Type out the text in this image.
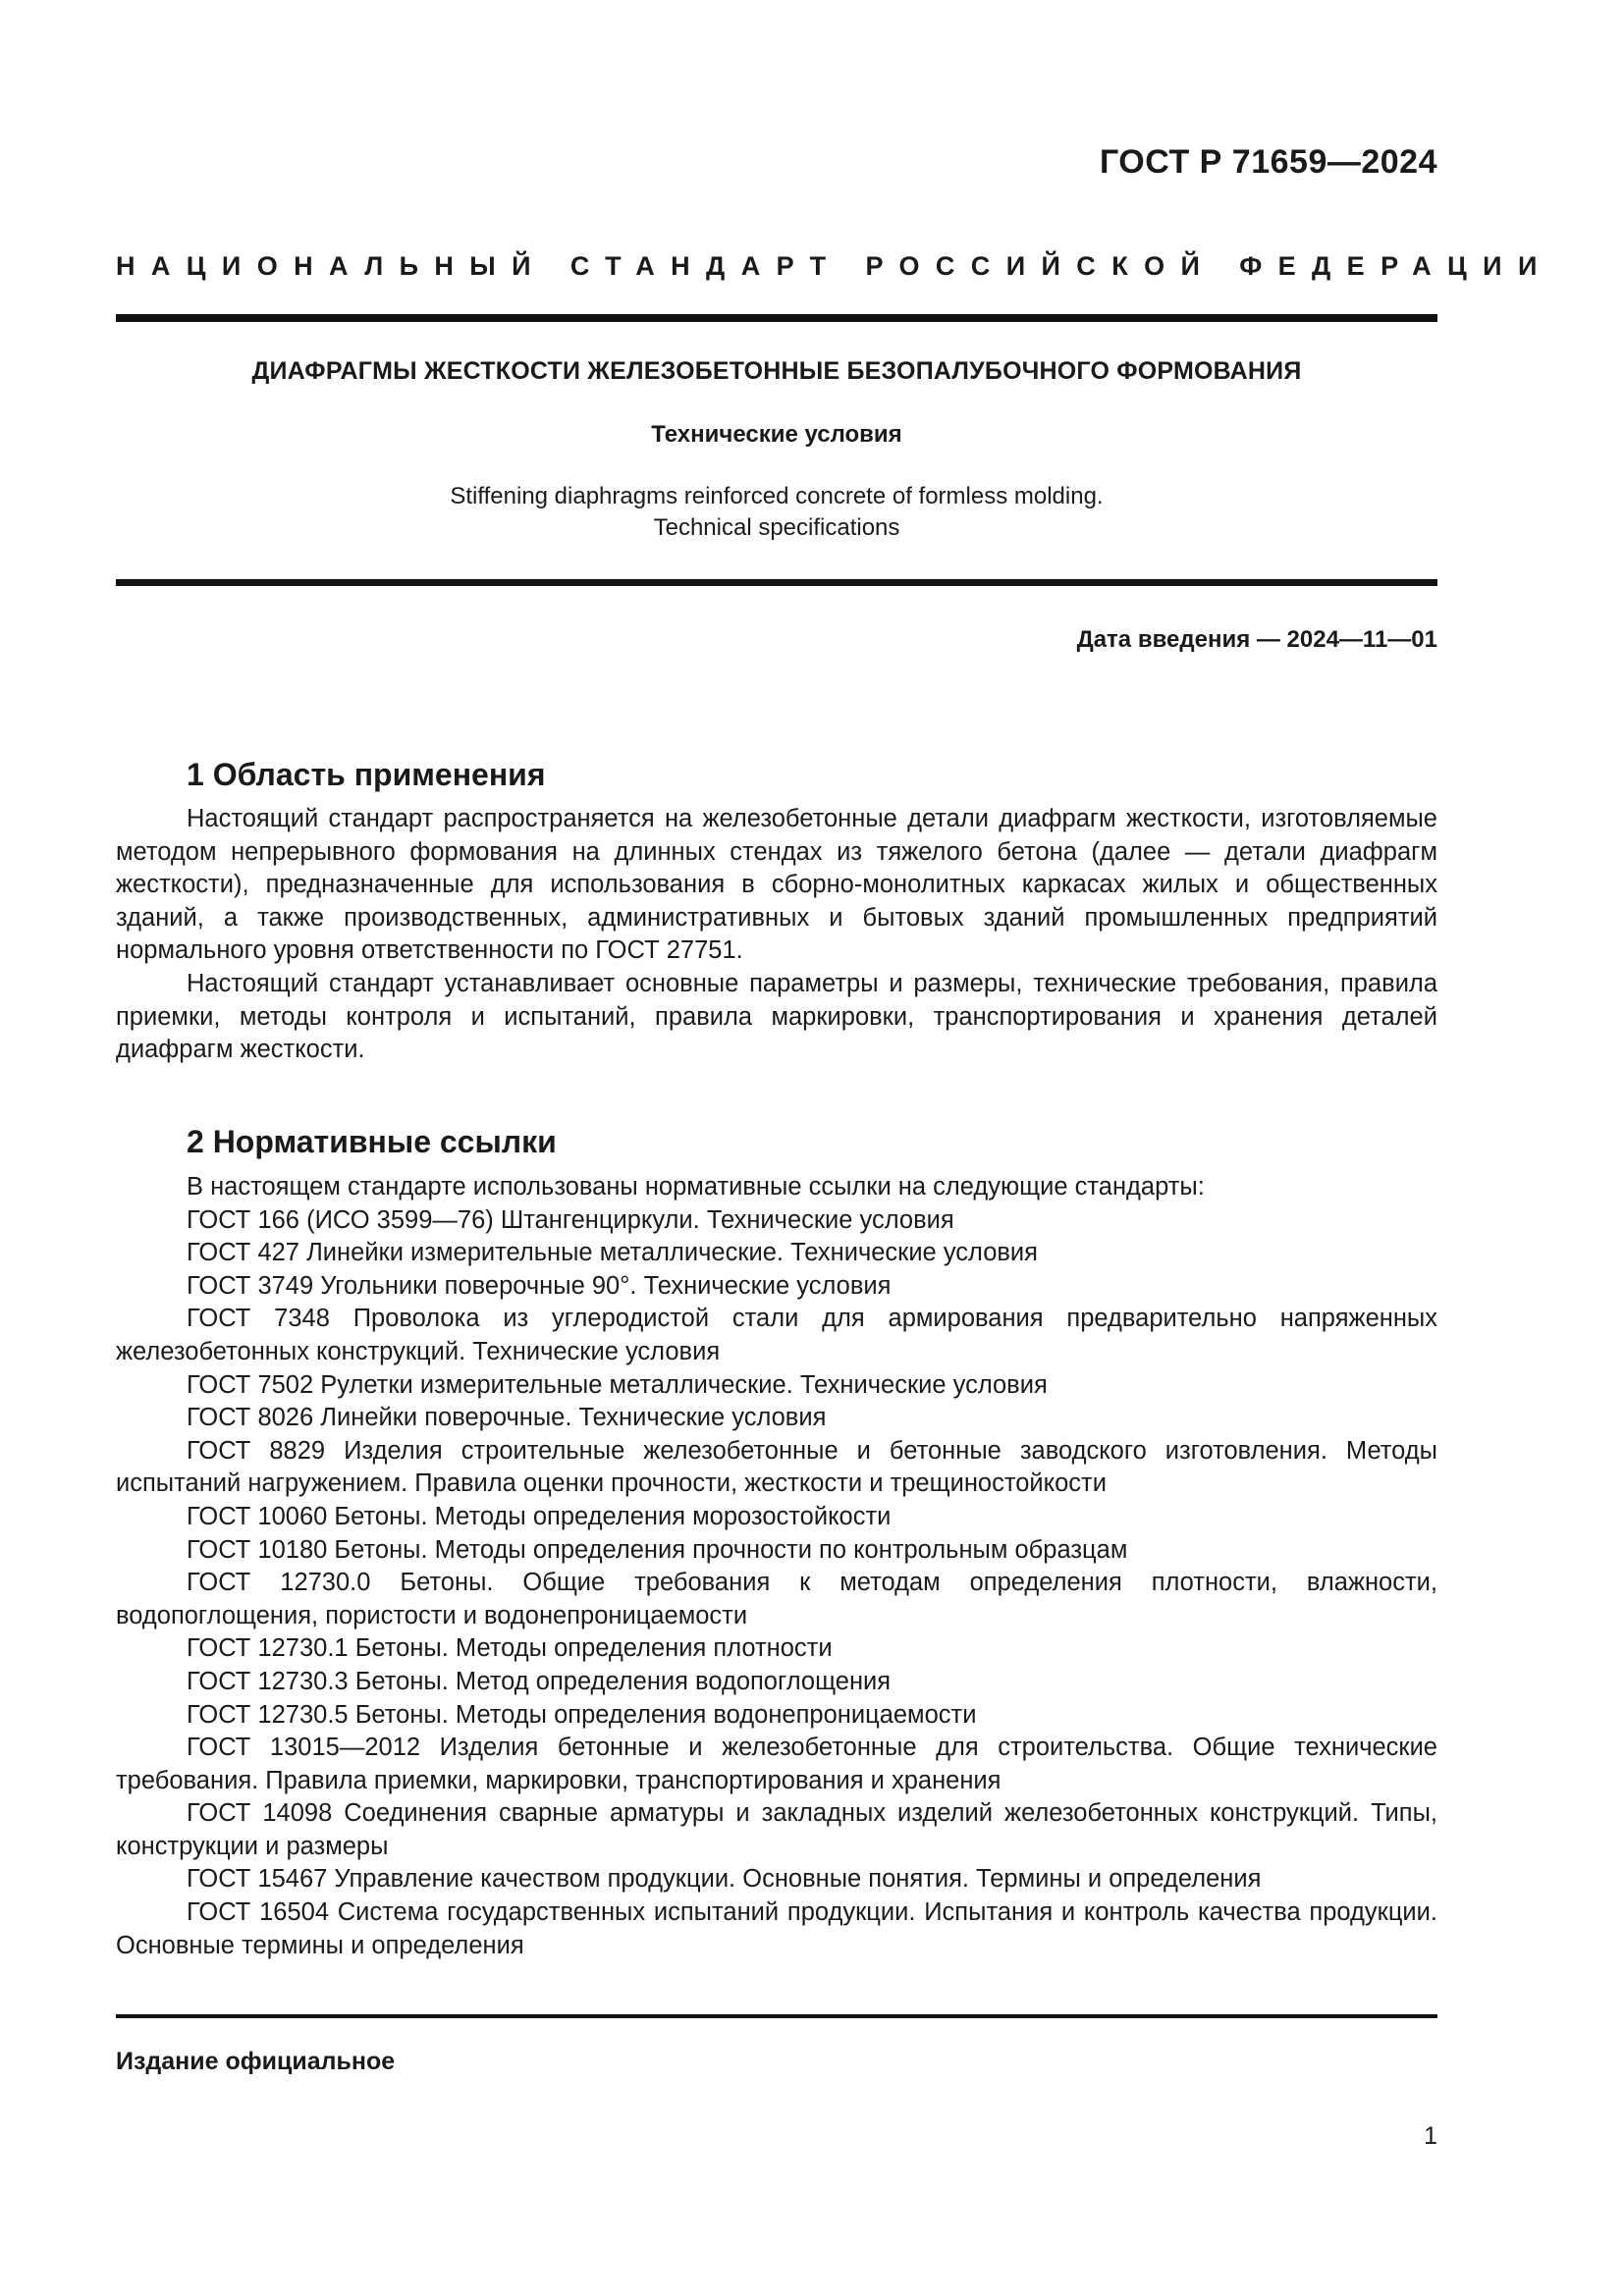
ГОСТ Р 71659—2024
НАЦИОНАЛЬНЫЙ СТАНДАРТ РОССИЙСКОЙ ФЕДЕРАЦИИ
ДИАФРАГМЫ ЖЕСТКОСТИ ЖЕЛЕЗОБЕТОННЫЕ БЕЗОПАЛУБОЧНОГО ФОРМОВАНИЯ
Технические условия
Stiffening diaphragms reinforced concrete of formless molding.
Technical specifications
Дата введения — 2024—11—01
1 Область применения

Настоящий стандарт распространяется на железобетонные детали диафрагм жесткости, изготовляемые методом непрерывного формования на длинных стендах из тяжелого бетона (далее — детали диафрагм жесткости), предназначенные для использования в сборно-монолитных каркасах жилых и общественных зданий, а также производственных, административных и бытовых зданий промышленных предприятий нормального уровня ответственности по ГОСТ 27751.

Настоящий стандарт устанавливает основные параметры и размеры, технические требования, правила приемки, методы контроля и испытаний, правила маркировки, транспортирования и хранения деталей диафрагм жесткости.

2 Нормативные ссылки

В настоящем стандарте использованы нормативные ссылки на следующие стандарты:

ГОСТ 166 (ИСО 3599—76) Штангенциркули. Технические условия

ГОСТ 427 Линейки измерительные металлические. Технические условия

ГОСТ 3749 Угольники поверочные 90°. Технические условия

ГОСТ 7348 Проволока из углеродистой стали для армирования предварительно напряженных железобетонных конструкций. Технические условия

ГОСТ 7502 Рулетки измерительные металлические. Технические условия

ГОСТ 8026 Линейки поверочные. Технические условия

ГОСТ 8829 Изделия строительные железобетонные и бетонные заводского изготовления. Методы испытаний нагружением. Правила оценки прочности, жесткости и трещиностойкости

ГОСТ 10060 Бетоны. Методы определения морозостойкости

ГОСТ 10180 Бетоны. Методы определения прочности по контрольным образцам

ГОСТ 12730.0 Бетоны. Общие требования к методам определения плотности, влажности, водопоглощения, пористости и водонепроницаемости

ГОСТ 12730.1 Бетоны. Методы определения плотности

ГОСТ 12730.3 Бетоны. Метод определения водопоглощения

ГОСТ 12730.5 Бетоны. Методы определения водонепроницаемости

ГОСТ 13015—2012 Изделия бетонные и железобетонные для строительства. Общие технические требования. Правила приемки, маркировки, транспортирования и хранения

ГОСТ 14098 Соединения сварные арматуры и закладных изделий железобетонных конструкций. Типы, конструкции и размеры

ГОСТ 15467 Управление качеством продукции. Основные понятия. Термины и определения

ГОСТ 16504 Система государственных испытаний продукции. Испытания и контроль качества продукции. Основные термины и определения

Издание официальное
1
